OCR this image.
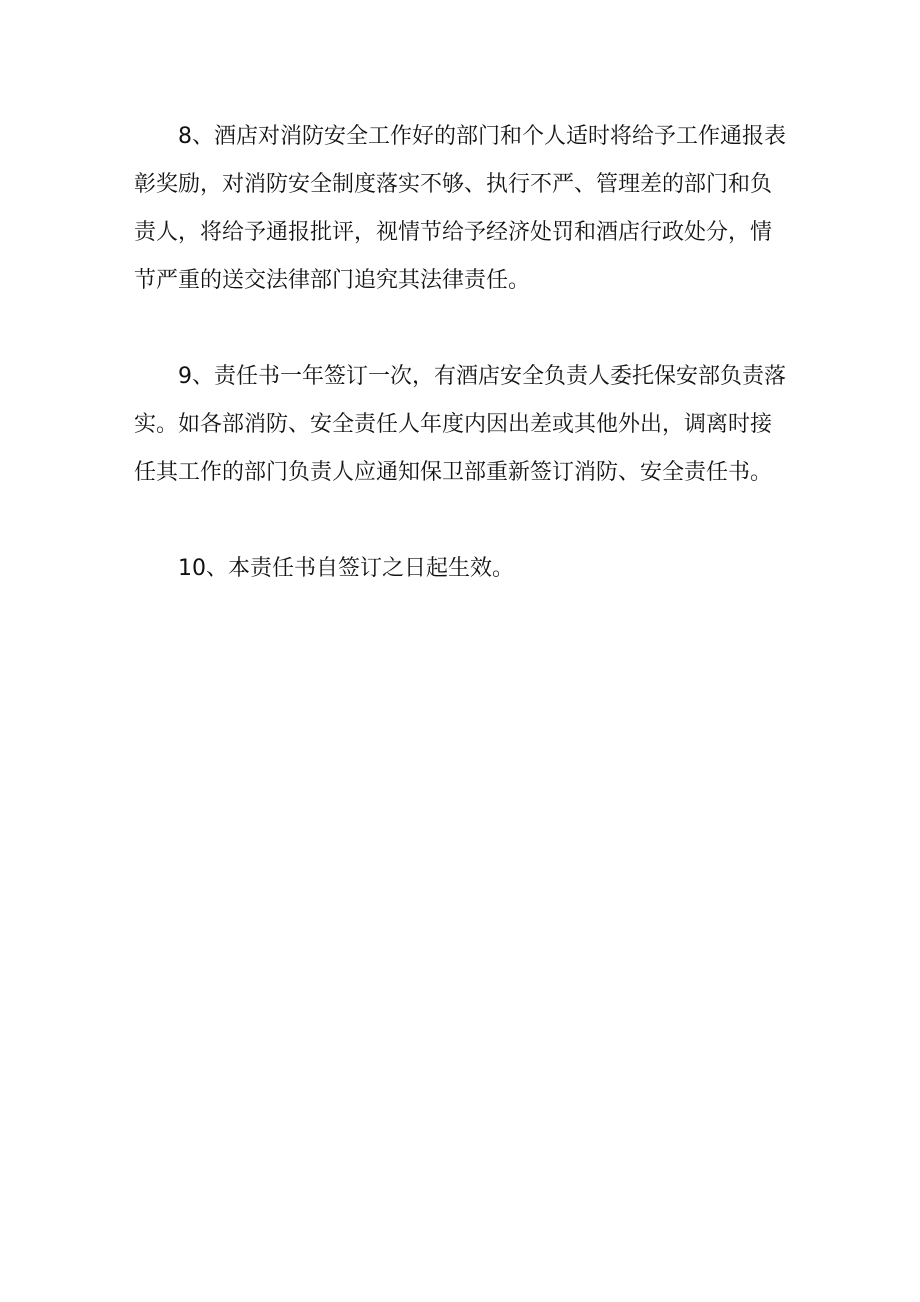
8、酒店对消防安全工作好的部门和个人适时将给予工作通报表彰奖励，对消防安全制度落实不够、执行不严、管理差的部门和负责人，将给予通报批评，视情节给予经济处罚和酒店行政处分，情节严重的送交法律部门追究其法律责任。

9、责任书一年签订一次，有酒店安全负责人委托保安部负责落实。如各部消防、安全责任人年度内因出差或其他外出，调离时接任其工作的部门负责人应通知保卫部重新签订消防、安全责任书。

10、本责任书自签订之日起生效。
